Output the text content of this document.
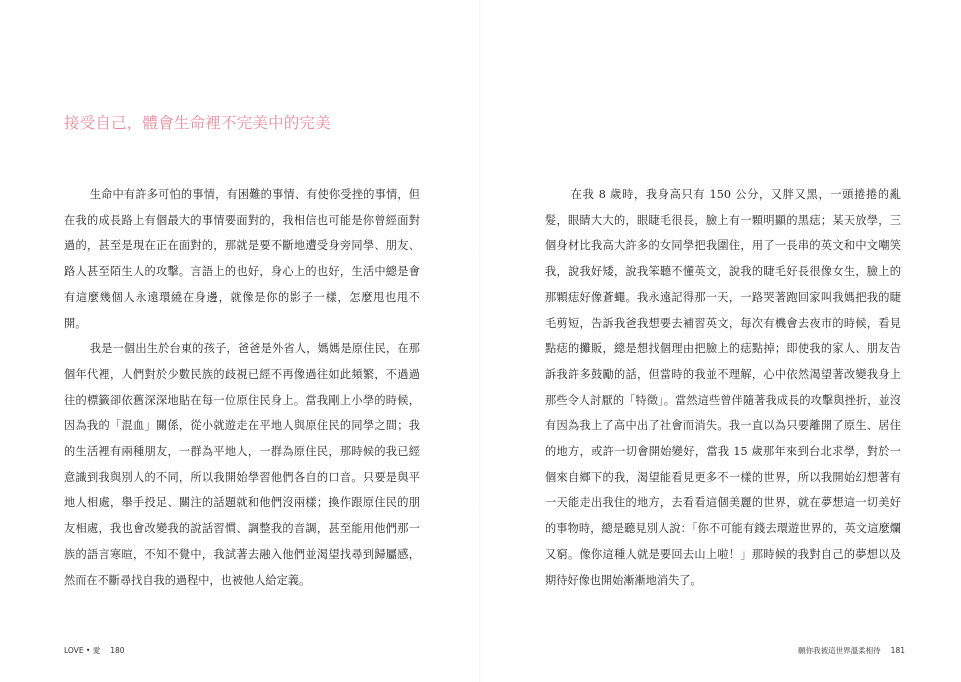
接受自己，體會生命裡不完美中的完美

生命中有許多可怕的事情，有困難的事情、有使你受挫的事情，但在我的成長路上有個最大的事情要面對的，我相信也可能是你曾經面對過的，甚至是現在正在面對的，那就是要不斷地遭受身旁同學、朋友、路人甚至陌生人的攻擊。言語上的也好，身心上的也好，生活中總是會有這麼幾個人永遠環繞在身邊，就像是你的影子一樣，怎麼甩也甩不開。

我是一個出生於台東的孩子，爸爸是外省人，媽媽是原住民，在那個年代裡，人們對於少數民族的歧視已經不再像過往如此頻繁，不過過往的標籤卻依舊深深地貼在每一位原住民身上。當我剛上小學的時候，因為我的「混血」關係，從小就遊走在平地人與原住民的同學之間；我的生活裡有兩種朋友，一群為平地人，一群為原住民，那時候的我已經意識到我與別人的不同，所以我開始學習他們各自的口音。只要是與平地人相處，舉手投足、關注的話題就和他們沒兩樣；換作跟原住民的朋友相處，我也會改變我的說話習慣、調整我的音調，甚至能用他們那一族的語言寒暄，不知不覺中，我試著去融入他們並渴望找尋到歸屬感，然而在不斷尋找自我的過程中，也被他人給定義。

在我 8 歲時，我身高只有 150 公分，又胖又黑，一頭捲捲的亂髮，眼睛大大的，眼睫毛很長，臉上有一顆明顯的黑痣；某天放學，三個身材比我高大許多的女同學把我圍住，用了一長串的英文和中文嘲笑我，說我好矮，說我笨聽不懂英文，說我的睫毛好長很像女生，臉上的那顆痣好像蒼蠅。我永遠記得那一天，一路哭著跑回家叫我媽把我的睫毛剪短，告訴我爸我想要去補習英文，每次有機會去夜市的時候，看見點痣的攤販，總是想找個理由把臉上的痣點掉；即使我的家人、朋友告訴我許多鼓勵的話，但當時的我並不理解，心中依然渴望著改變我身上那些令人討厭的「特徵」。當然這些曾伴隨著我成長的攻擊與挫折，並沒有因為我上了高中出了社會而消失。我一直以為只要離開了原生、居住的地方，或許一切會開始變好，當我 15 歲那年來到台北求學，對於一個來自鄉下的我，渴望能看見更多不一樣的世界，所以我開始幻想著有一天能走出我住的地方，去看看這個美麗的世界，就在夢想這一切美好的事物時，總是聽見別人說：「你不可能有錢去環遊世界的，英文這麼爛又窮。像你這種人就是要回去山上啦！」那時候的我對自己的夢想以及期待好像也開始漸漸地消失了。

LOVE • 愛 180	願你我被這世界溫柔相待 181
